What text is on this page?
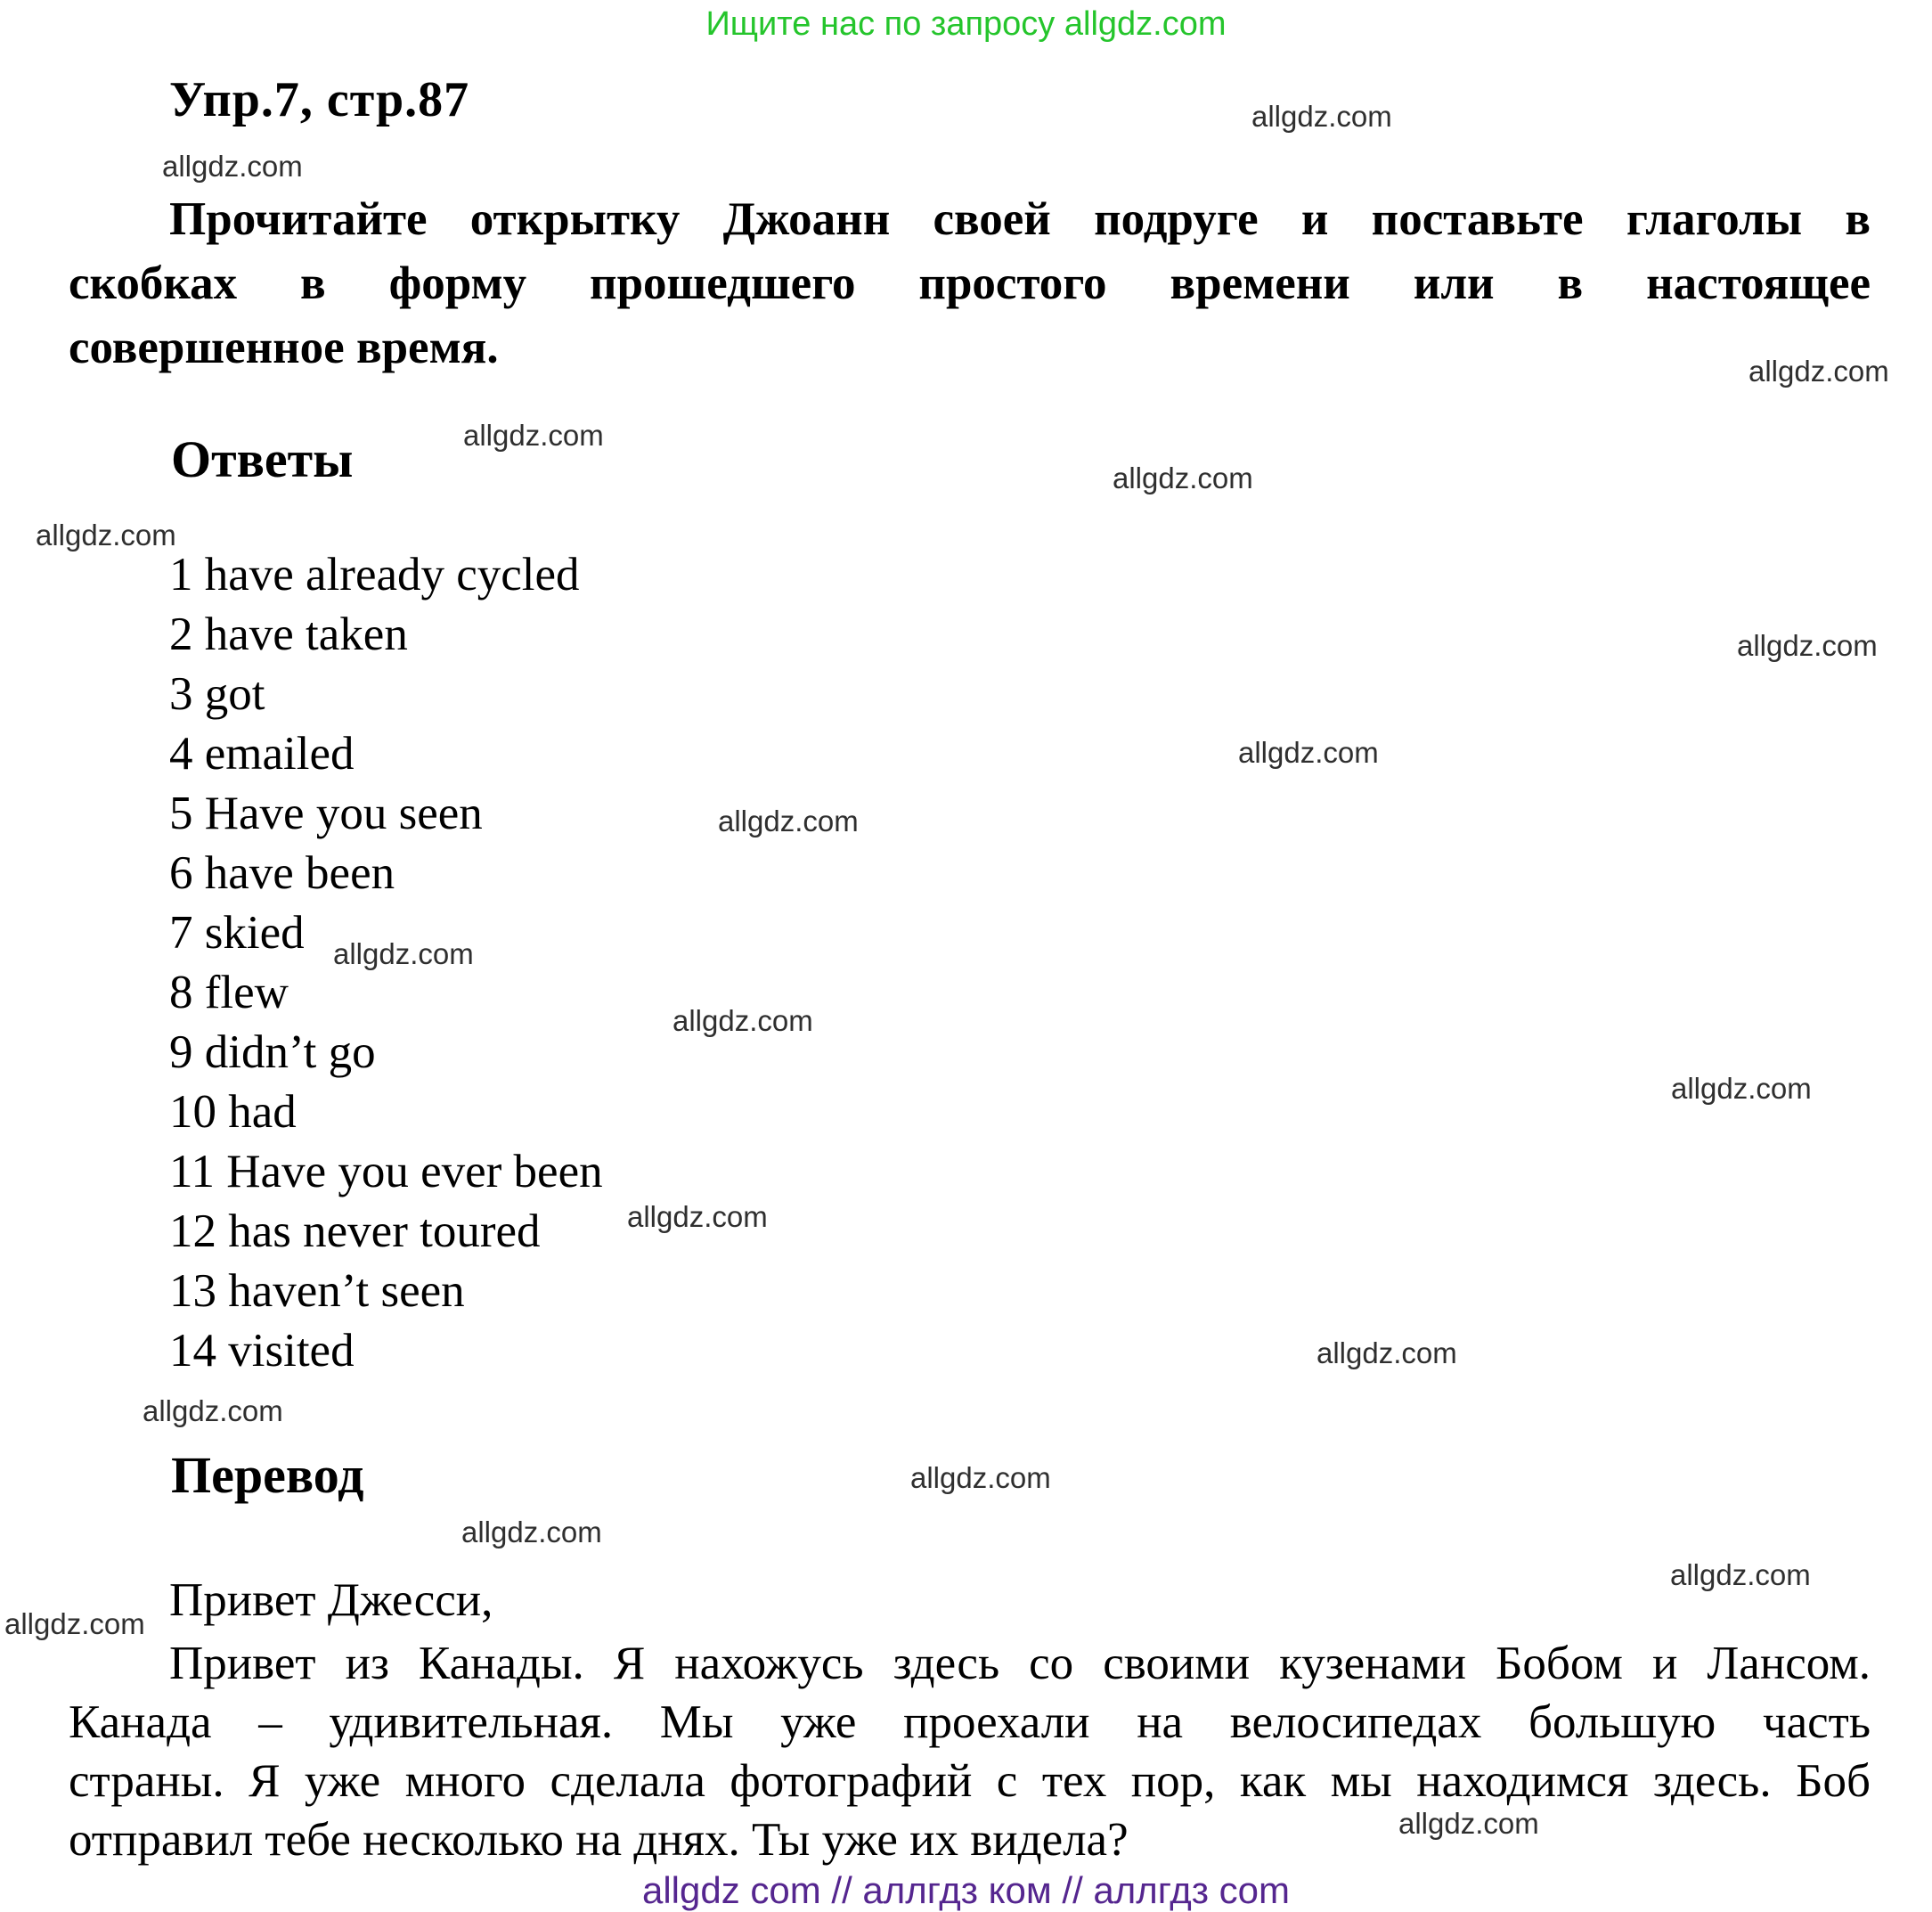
Ищите нас по запросу allgdz.com
Упр.7, стр.87
Прочитайте открытку Джоанн своей подруге и поставьте глаголы в
скобках в форму прошедшего простого времени или в настоящее
совершенное время.
Ответы
1 have already cycled
2 have taken
3 got
4 emailed
5 Have you seen
6 have been
7 skied
8 flew
9 didn’t go
10 had
11 Have you ever been
12 has never toured
13 haven’t seen
14 visited
Перевод
Привет Джесси,
Привет из Канады. Я нахожусь здесь со своими кузенами Бобом и Лансом.
Канада – удивительная. Мы уже проехали на велосипедах большую часть
страны. Я уже много сделала фотографий с тех пор, как мы находимся здесь. Боб
отправил тебе несколько на днях. Ты уже их видела?
allgdz com // аллгдз ком // аллгдз com
allgdz.com
allgdz.com
allgdz.com
allgdz.com
allgdz.com
allgdz.com
allgdz.com
allgdz.com
allgdz.com
allgdz.com
allgdz.com
allgdz.com
allgdz.com
allgdz.com
allgdz.com
allgdz.com
allgdz.com
allgdz.com
allgdz.com
allgdz.com
